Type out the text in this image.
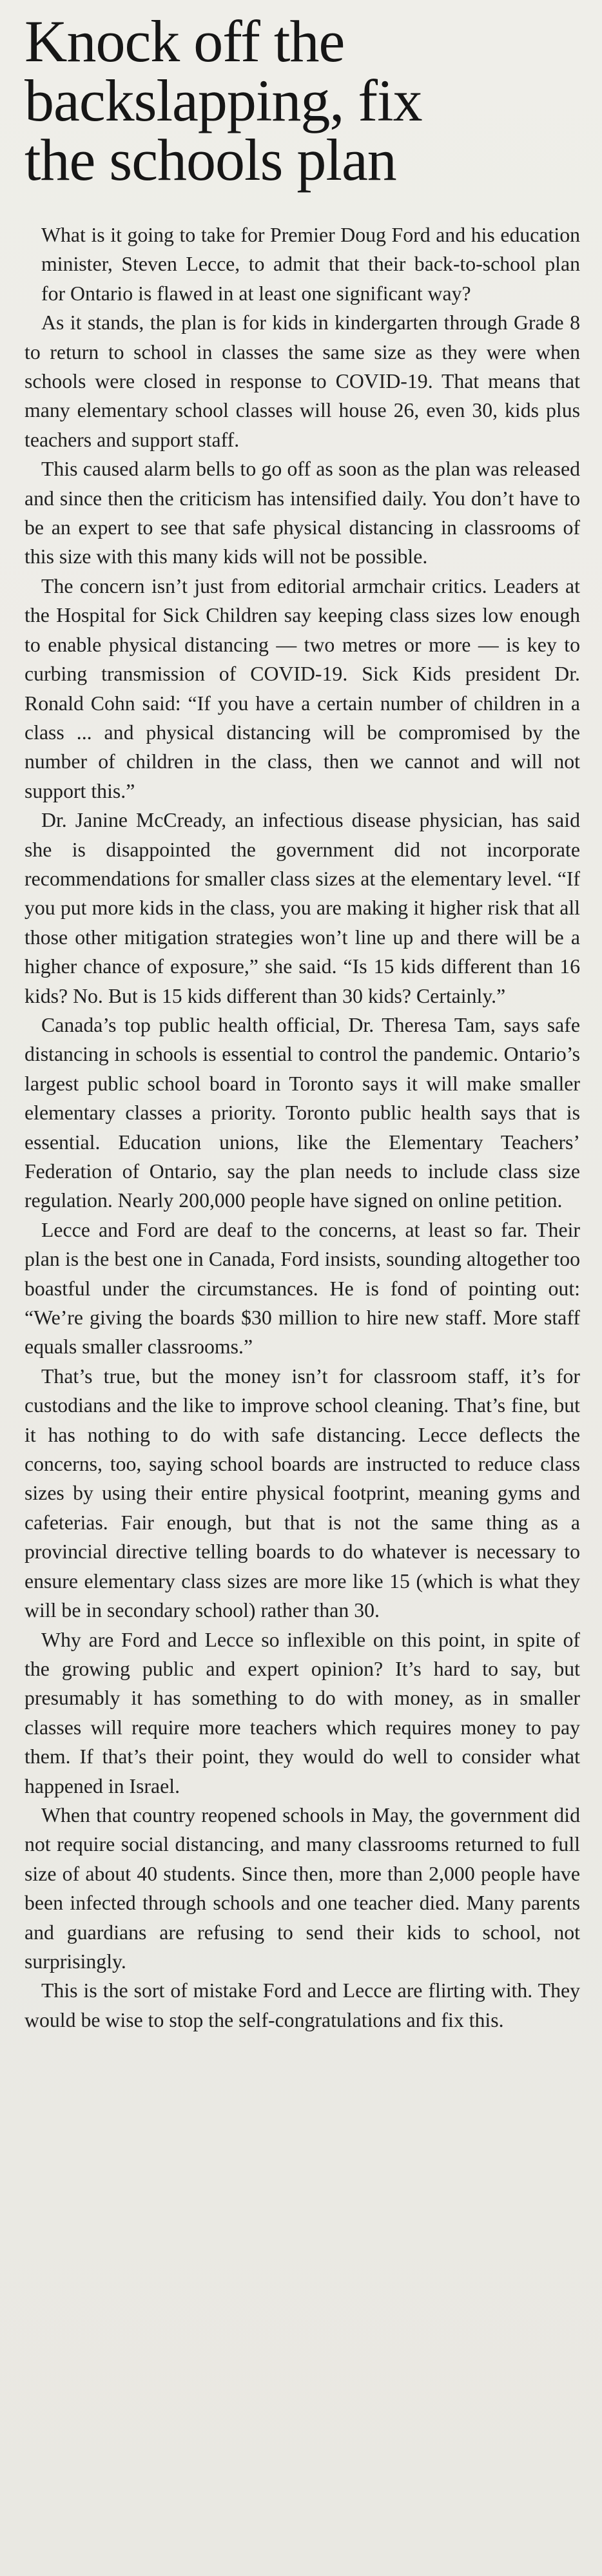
Knock off the
backslapping, fix
the schools plan

What is it going to take for Premier Doug Ford and his education minister, Steven Lecce, to admit that their back-to-school plan for Ontario is flawed in at least one significant way?

As it stands, the plan is for kids in kindergarten through Grade 8 to return to school in classes the same size as they were when schools were closed in response to COVID-19. That means that many elementary school classes will house 26, even 30, kids plus teachers and support staff.

This caused alarm bells to go off as soon as the plan was released and since then the criticism has intensified daily. You don’t have to be an expert to see that safe physical distancing in classrooms of this size with this many kids will not be possible.

The concern isn’t just from editorial armchair critics. Leaders at the Hospital for Sick Children say keeping class sizes low enough to enable physical distancing — two metres or more — is key to curbing transmission of COVID-19. Sick Kids president Dr. Ronald Cohn said: “If you have a certain number of children in a class ... and physical distancing will be compromised by the number of children in the class, then we cannot and will not support this.”

Dr. Janine McCready, an infectious disease physician, has said she is disappointed the government did not incorporate recommendations for smaller class sizes at the elementary level. “If you put more kids in the class, you are making it higher risk that all those other mitigation strategies won’t line up and there will be a higher chance of exposure,” she said. “Is 15 kids different than 16 kids? No. But is 15 kids different than 30 kids? Certainly.”

Canada’s top public health official, Dr. Theresa Tam, says safe distancing in schools is essential to control the pandemic. Ontario’s largest public school board in Toronto says it will make smaller elementary classes a priority. Toronto public health says that is essential. Education unions, like the Elementary Teachers’ Federation of Ontario, say the plan needs to include class size regulation. Nearly 200,000 people have signed on online petition.

Lecce and Ford are deaf to the concerns, at least so far. Their plan is the best one in Canada, Ford insists, sounding altogether too boastful under the circumstances. He is fond of pointing out: “We’re giving the boards $30 million to hire new staff. More staff equals smaller classrooms.”

That’s true, but the money isn’t for classroom staff, it’s for custodians and the like to improve school cleaning. That’s fine, but it has nothing to do with safe distancing. Lecce deflects the concerns, too, saying school boards are instructed to reduce class sizes by using their entire physical footprint, meaning gyms and cafeterias. Fair enough, but that is not the same thing as a provincial directive telling boards to do whatever is necessary to ensure elementary class sizes are more like 15 (which is what they will be in secondary school) rather than 30.

Why are Ford and Lecce so inflexible on this point, in spite of the growing public and expert opinion? It’s hard to say, but presumably it has something to do with money, as in smaller classes will require more teachers which requires money to pay them. If that’s their point, they would do well to consider what happened in Israel.

When that country reopened schools in May, the government did not require social distancing, and many classrooms returned to full size of about 40 students. Since then, more than 2,000 people have been infected through schools and one teacher died. Many parents and guardians are refusing to send their kids to school, not surprisingly.

This is the sort of mistake Ford and Lecce are flirting with. They would be wise to stop the self-congratulations and fix this.
